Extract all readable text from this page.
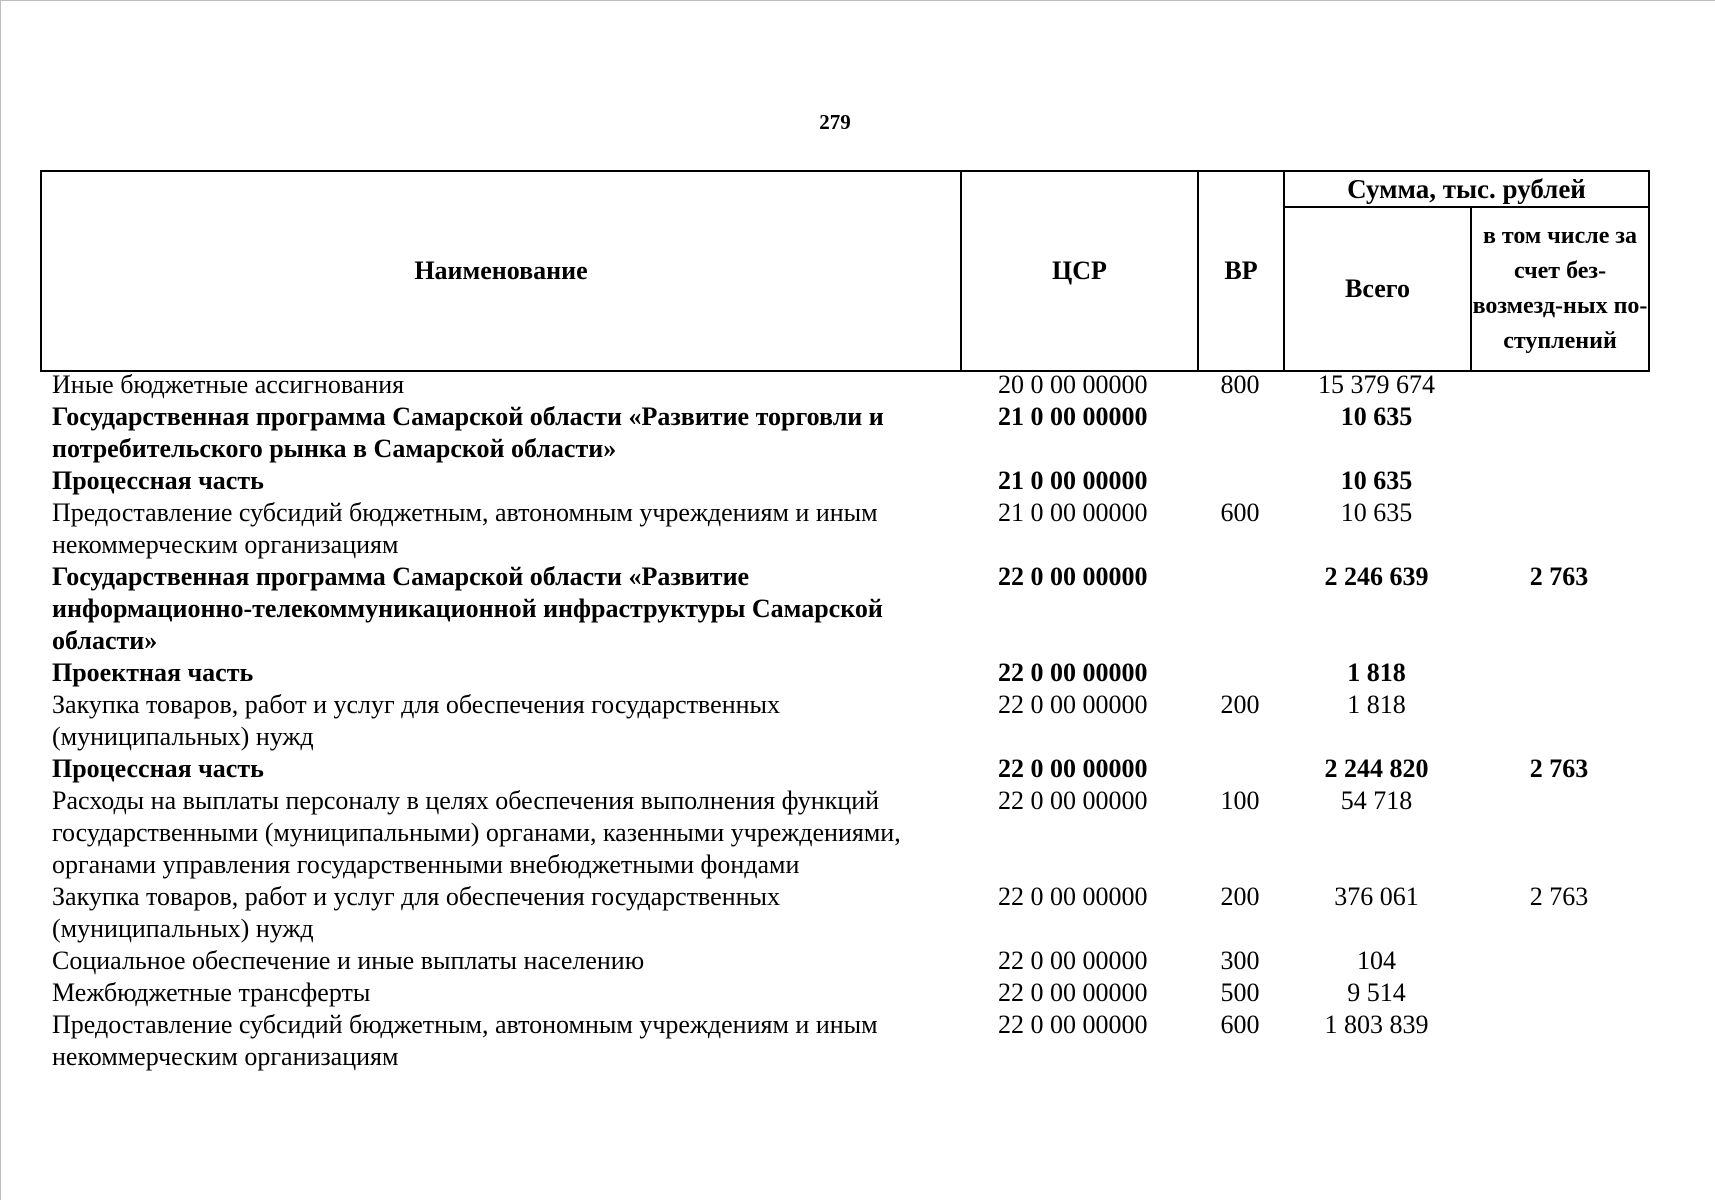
279
Наименование	ЦСР	ВР	Сумма, тыс. рублей	
			Всего	в том числе за счет без-возмезд-ных по-ступлений
Иные бюджетные ассигнования	20 0 00 00000	800	15 379 674	
Государственная программа Самарской области «Развитие торговли и потребительского рынка в Самарской области»	21 0 00 00000		10 635	
Процессная часть	21 0 00 00000		10 635	
Предоставление субсидий бюджетным, автономным учреждениям и иным некоммерческим организациям	21 0 00 00000	600	10 635	
Государственная программа Самарской области «Развитие информационно-телекоммуникационной инфраструктуры Самарской области»	22 0 00 00000		2 246 639	2 763
Проектная часть	22 0 00 00000		1 818	
Закупка товаров, работ и услуг для обеспечения государственных (муниципальных) нужд	22 0 00 00000	200	1 818	
Процессная часть	22 0 00 00000		2 244 820	2 763
Расходы на выплаты персоналу в целях обеспечения выполнения функций государственными (муниципальными) органами, казенными учреждениями, органами управления государственными внебюджетными фондами	22 0 00 00000	100	54 718	
Закупка товаров, работ и услуг для обеспечения государственных (муниципальных) нужд	22 0 00 00000	200	376 061	2 763
Социальное обеспечение и иные выплаты населению	22 0 00 00000	300	104	
Межбюджетные трансферты	22 0 00 00000	500	9 514	
Предоставление субсидий бюджетным, автономным учреждениям и иным некоммерческим организациям	22 0 00 00000	600	1 803 839	
